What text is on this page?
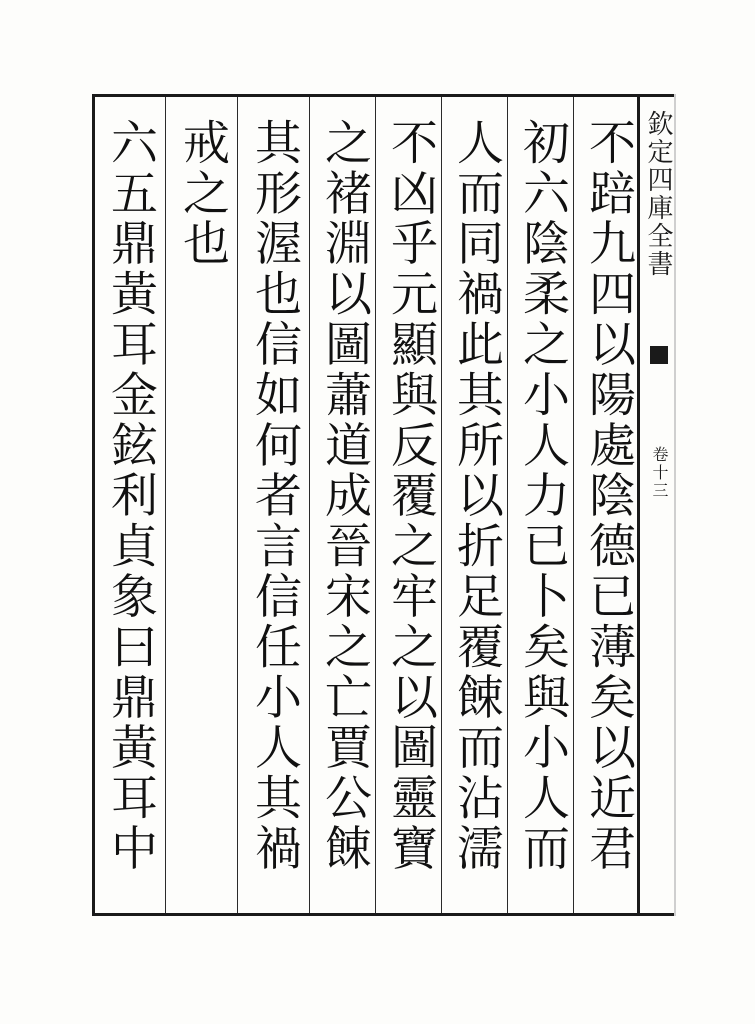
欽定四庫全書
卷十三
不踣九四以陽處陰德已薄矣以近君
初六陰柔之小人力已卜矣與小人而
人而同禍此其所以折足覆餗而沾濡
不凶乎元顯與反覆之牢之以圖靈寶
之褚淵以圖蕭道成晉宋之亡賈公餗
其形渥也信如何者言信任小人其禍
戒之也
六五鼎黃耳金鉉利貞象曰鼎黃耳中
